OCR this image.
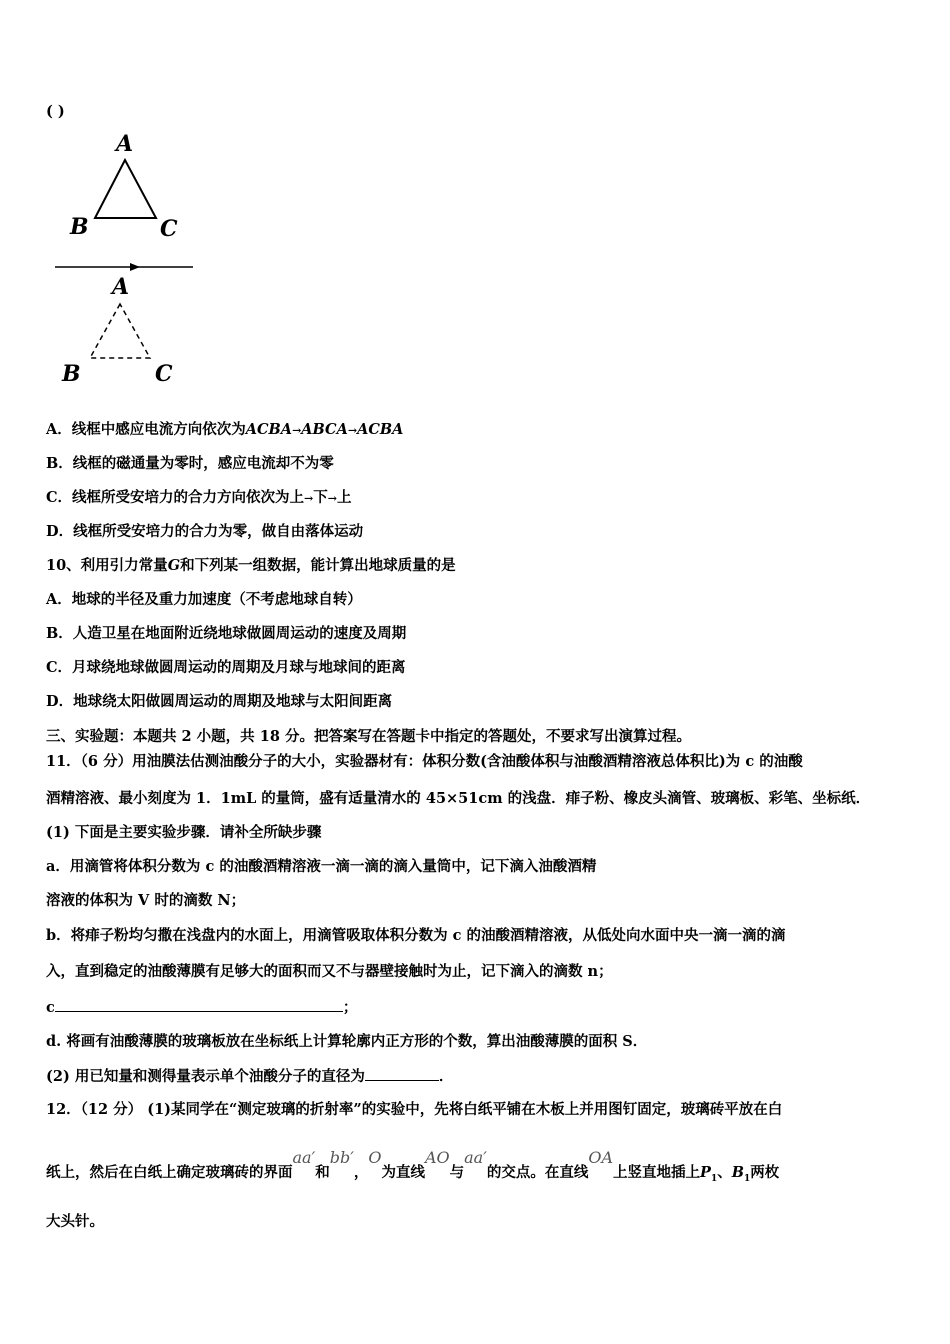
( )
A
B	C
A
B	C
A．线框中感应电流方向依次为ACBA→ABCA→ACBA
B．线框的磁通量为零时，感应电流却不为零
C．线框所受安培力的合力方向依次为上→下→上
D．线框所受安培力的合力为零，做自由落体运动
10、利用引力常量G和下列某一组数据，能计算出地球质量的是
A．地球的半径及重力加速度（不考虑地球自转）
B．人造卫星在地面附近绕地球做圆周运动的速度及周期
C．月球绕地球做圆周运动的周期及月球与地球间的距离
D．地球绕太阳做圆周运动的周期及地球与太阳间距离
三、实验题：本题共 2 小题，共 18 分。把答案写在答题卡中指定的答题处，不要求写出演算过程。
11．（6 分）用油膜法估测油酸分子的大小，实验器材有：体积分数(含油酸体积与油酸酒精溶液总体积比)为 c 的油酸
酒精溶液、最小刻度为 1．1mL 的量筒，盛有适量清水的 45×51cm 的浅盘．痱子粉、橡皮头滴管、玻璃板、彩笔、坐标纸．
(1) 下面是主要实验步骤．请补全所缺步骤
a．用滴管将体积分数为 c 的油酸酒精溶液一滴一滴的滴入量筒中，记下滴入油酸酒精
溶液的体积为 V 时的滴数 N；
b．将痱子粉均匀撒在浅盘内的水面上，用滴管吸取体积分数为 c 的油酸酒精溶液，从低处向水面中央一滴一滴的滴
入，直到稳定的油酸薄膜有足够大的面积而又不与器壁接触时为止，记下滴入的滴数 n；
c	；
d. 将画有油酸薄膜的玻璃板放在坐标纸上计算轮廓内正方形的个数，算出油酸薄膜的面积 S．
(2) 用已知量和测得量表示单个油酸分子的直径为	．
12．（12 分） (1)某同学在“测定玻璃的折射率”的实验中，先将白纸平铺在木板上并用图钉固定，玻璃砖平放在白
纸上，然后在白纸上确定玻璃砖的界面aa′和bb′，O为直线AO与aa′的交点。在直线OA上竖直地插上$P_1$、$B_1$两枚
大头针。
